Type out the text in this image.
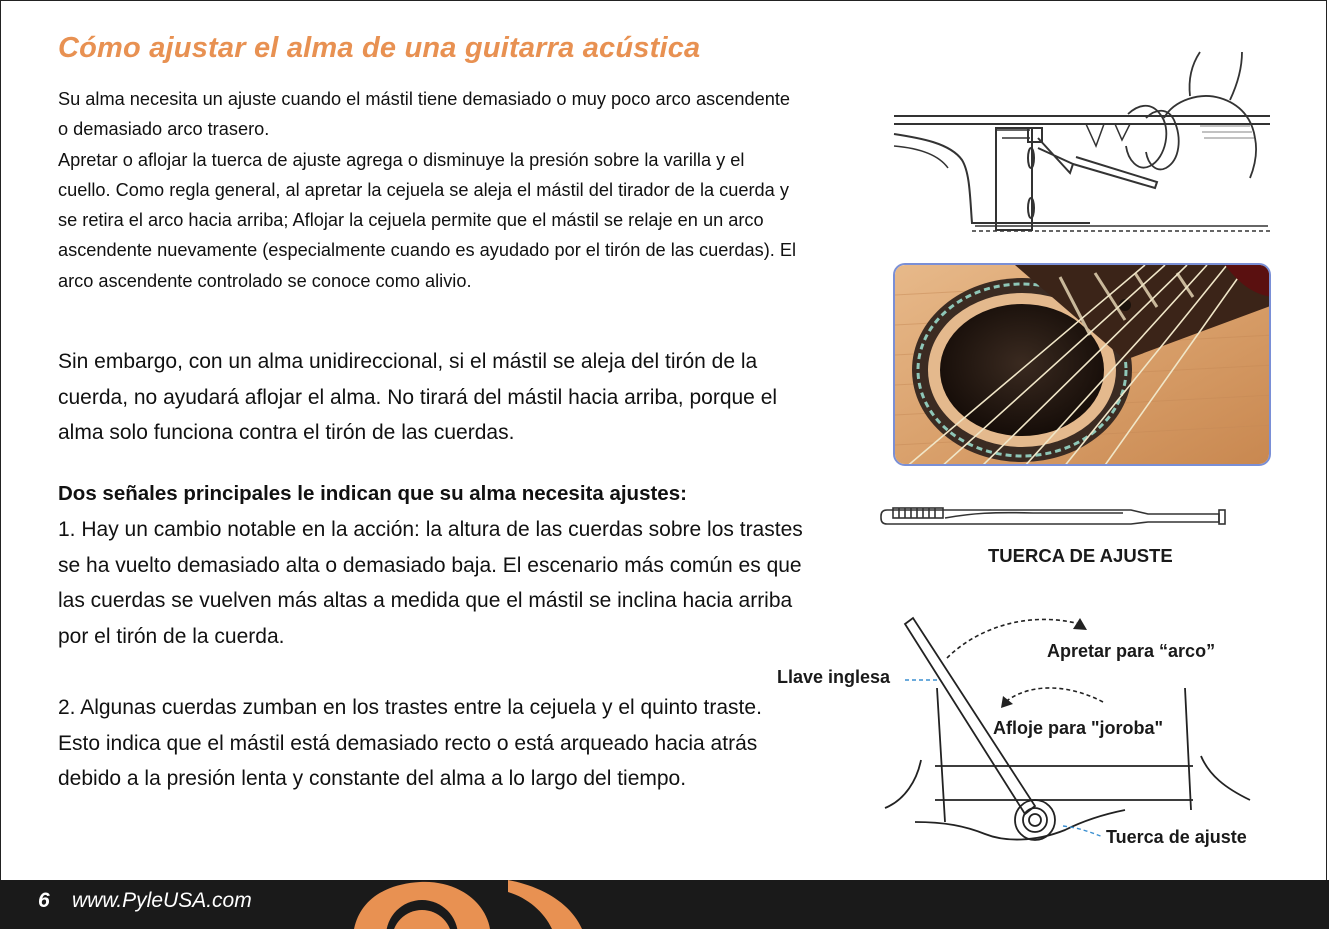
Cómo ajustar el alma de una guitarra acústica

Su alma necesita un ajuste cuando el mástil tiene demasiado o muy poco arco ascendente o demasiado arco trasero.

Apretar o aflojar la tuerca de ajuste agrega o disminuye la presión sobre la varilla y el cuello. Como regla general, al apretar la cejuela se aleja el mástil del tirador de la cuerda y se retira el arco hacia arriba; Aflojar la cejuela permite que el mástil se relaje en un arco ascendente nuevamente (especialmente cuando es ayudado por el tirón de las cuerdas). El arco ascendente controlado se conoce como alivio.

Sin embargo, con un alma unidireccional, si el mástil se aleja del tirón de la cuerda, no ayudará aflojar el alma. No tirará del mástil hacia arriba, porque el alma solo funciona contra el tirón de las cuerdas.

Dos señales principales le indican que su alma necesita ajustes:

1. Hay un cambio notable en la acción: la altura de las cuerdas sobre los trastes se ha vuelto demasiado alta o demasiado baja. El escenario más común es que las cuerdas se vuelven más altas a medida que el mástil se inclina hacia arriba por el tirón de la cuerda.

2. Algunas cuerdas zumban en los trastes entre la cejuela y el quinto traste. Esto indica que el mástil está demasiado recto o está arqueado hacia atrás debido a la presión lenta y constante del alma a lo largo del tiempo.

TUERCA DE AJUSTE
Llave inglesa
Apretar para “arco”
Afloje para "joroba"
Tuerca de ajuste
6 www.PyleUSA.com
